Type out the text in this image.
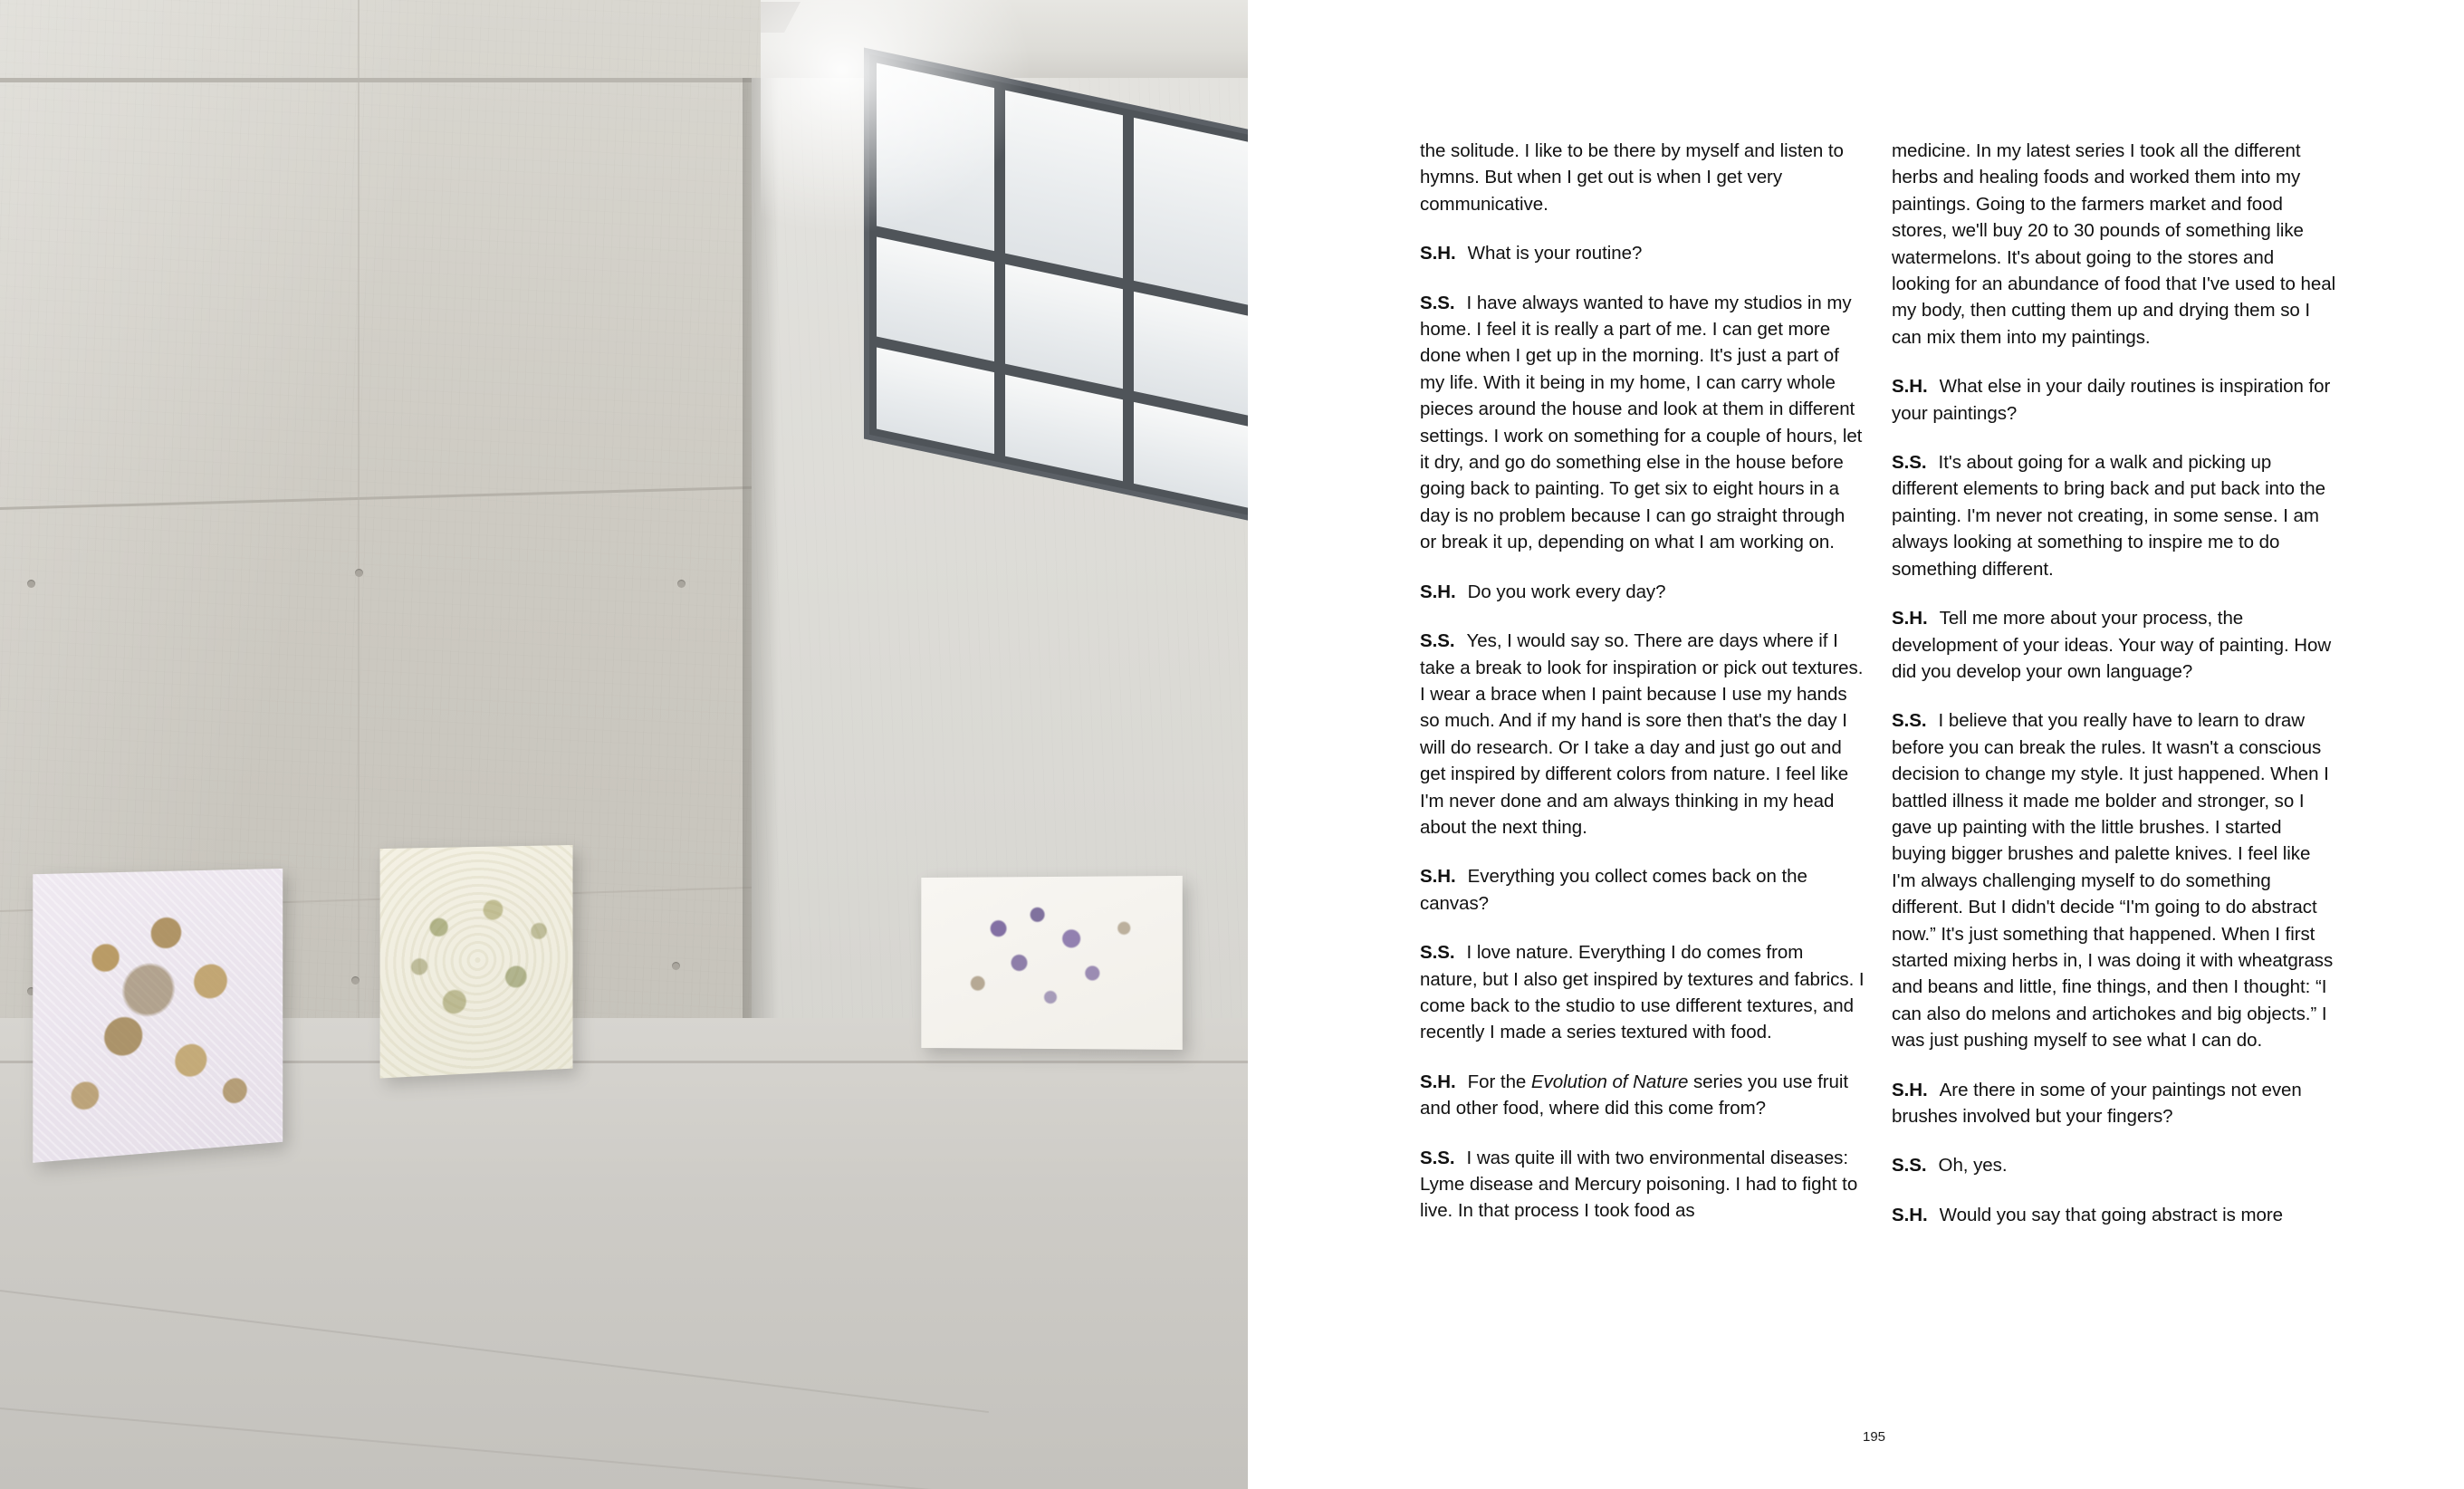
the solitude. I like to be there by myself and listen to hymns. But when I get out is when I get very communicative.

S.H. What is your routine?

S.S. I have always wanted to have my studios in my home. I feel it is really a part of me. I can get more done when I get up in the morning. It's just a part of my life. With it being in my home, I can carry whole pieces around the house and look at them in different settings. I work on something for a couple of hours, let it dry, and go do something else in the house before going back to painting. To get six to eight hours in a day is no problem because I can go straight through or break it up, depending on what I am working on.

S.H. Do you work every day?

S.S. Yes, I would say so. There are days where if I take a break to look for inspiration or pick out textures. I wear a brace when I paint because I use my hands so much. And if my hand is sore then that's the day I will do research. Or I take a day and just go out and get inspired by different colors from nature. I feel like I'm never done and am always thinking in my head about the next thing.

S.H. Everything you collect comes back on the canvas?

S.S. I love nature. Everything I do comes from nature, but I also get inspired by textures and fabrics. I come back to the studio to use different textures, and recently I made a series textured with food.

S.H. For the Evolution of Nature series you use fruit and other food, where did this come from?

S.S. I was quite ill with two environmental diseases: Lyme disease and Mercury poisoning. I had to fight to live. In that process I took food as

medicine. In my latest series I took all the different herbs and healing foods and worked them into my paintings. Going to the farmers market and food stores, we'll buy 20 to 30 pounds of something like watermelons. It's about going to the stores and looking for an abundance of food that I've used to heal my body, then cutting them up and drying them so I can mix them into my paintings.

S.H. What else in your daily routines is inspiration for your paintings?

S.S. It's about going for a walk and picking up different elements to bring back and put back into the painting. I'm never not creating, in some sense. I am always looking at something to inspire me to do something different.

S.H. Tell me more about your process, the development of your ideas. Your way of painting. How did you develop your own language?

S.S. I believe that you really have to learn to draw before you can break the rules. It wasn't a conscious decision to change my style. It just happened. When I battled illness it made me bolder and stronger, so I gave up painting with the little brushes. I started buying bigger brushes and palette knives. I feel like I'm always challenging myself to do something different. But I didn't decide “I'm going to do abstract now.” It's just something that happened. When I first started mixing herbs in, I was doing it with wheatgrass and beans and little, fine things, and then I thought: “I can also do melons and artichokes and big objects.” I was just pushing myself to see what I can do.

S.H. Are there in some of your paintings not even brushes involved but your fingers?

S.S. Oh, yes.

S.H. Would you say that going abstract is more

195
